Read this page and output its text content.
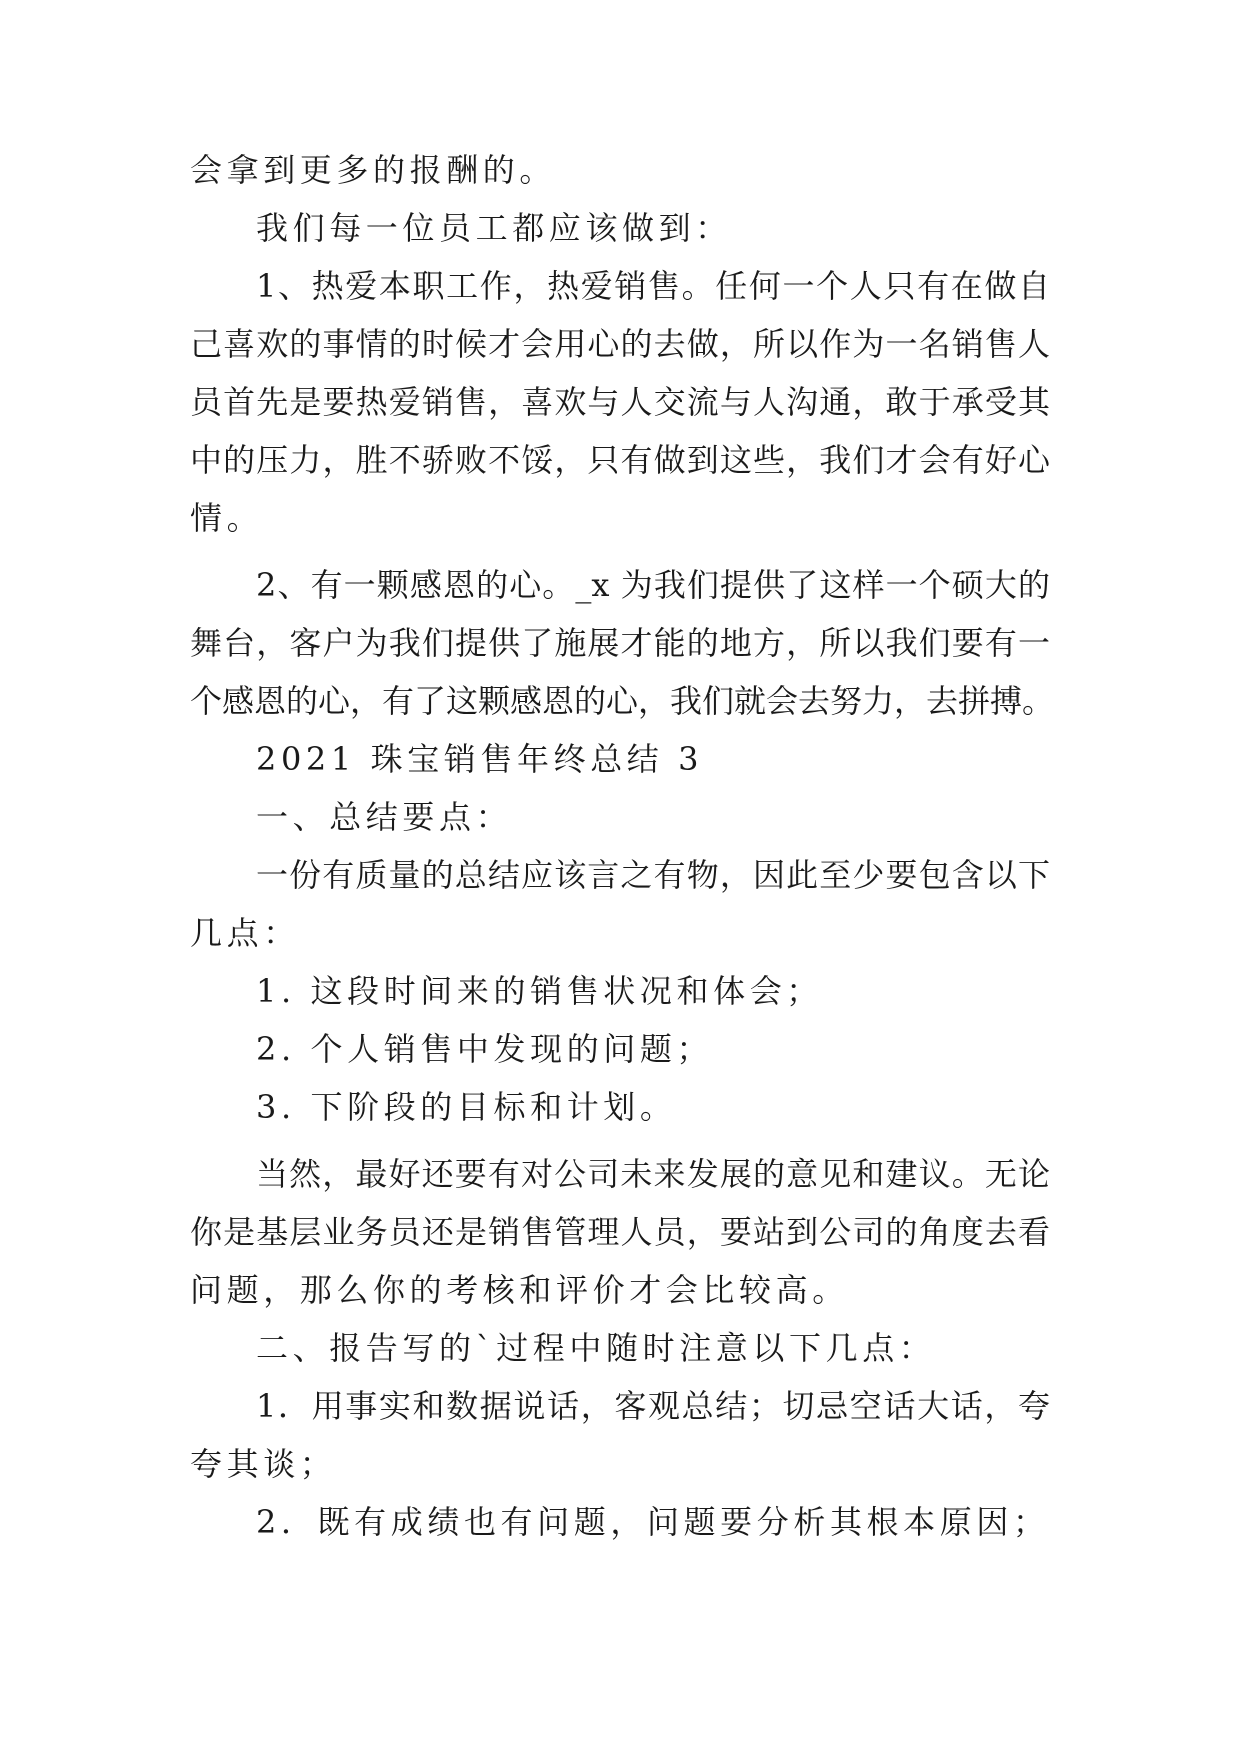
会拿到更多的报酬的。
我们每一位员工都应该做到：
1、热爱本职工作，热爱销售。任何一个人只有在做自
己喜欢的事情的时候才会用心的去做，所以作为一名销售人
员首先是要热爱销售，喜欢与人交流与人沟通，敢于承受其
中的压力，胜不骄败不馁，只有做到这些，我们才会有好心
情。
2、有一颗感恩的心。_x 为我们提供了这样一个硕大的
舞台，客户为我们提供了施展才能的地方，所以我们要有一
个感恩的心，有了这颗感恩的心，我们就会去努力，去拼搏。
2021 珠宝销售年终总结 3
一、总结要点：
一份有质量的总结应该言之有物，因此至少要包含以下
几点：
1. 这段时间来的销售状况和体会；
2. 个人销售中发现的问题；
3. 下阶段的目标和计划。
当然，最好还要有对公司未来发展的意见和建议。无论
你是基层业务员还是销售管理人员，要站到公司的角度去看
问题，那么你的考核和评价才会比较高。
二、报告写的`过程中随时注意以下几点：
1．用事实和数据说话，客观总结；切忌空话大话，夸
夸其谈；
2．既有成绩也有问题，问题要分析其根本原因；
